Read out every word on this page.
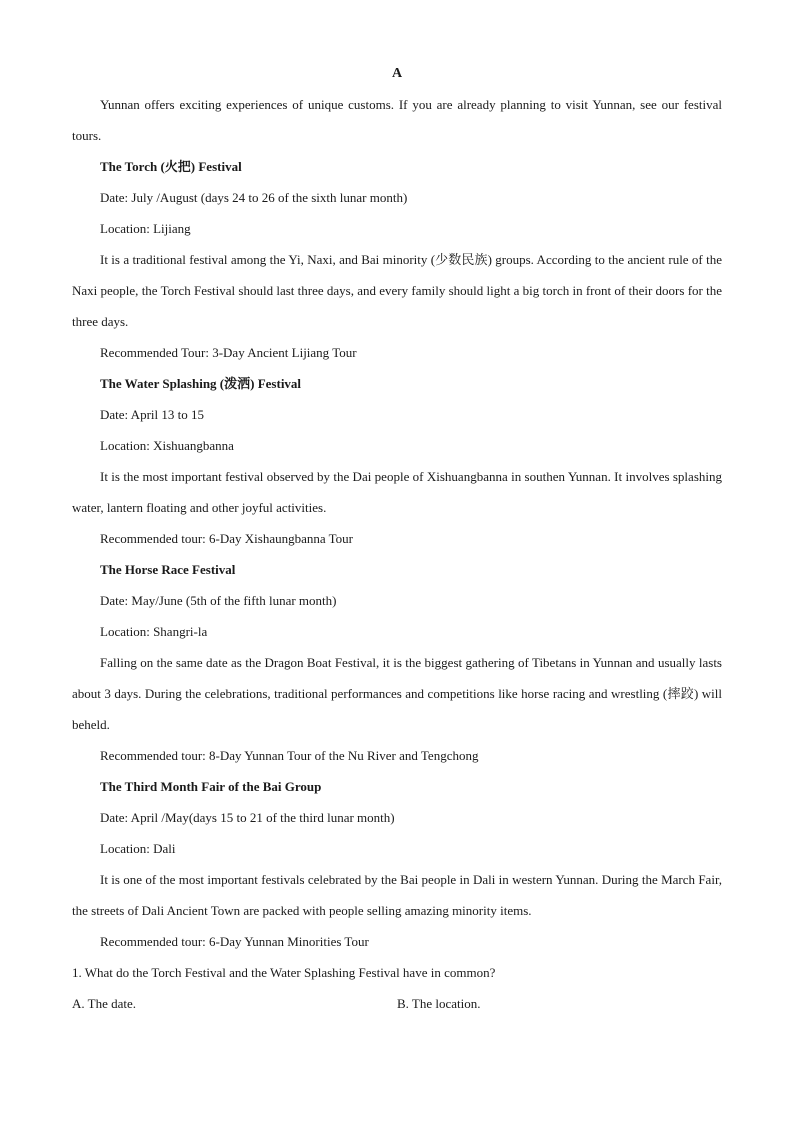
A
Yunnan offers exciting experiences of unique customs. If you are already planning to visit Yunnan, see our festival tours.
The Torch (火把) Festival
Date: July /August (days 24 to 26 of the sixth lunar month)
Location: Lijiang
It is a traditional festival among the Yi, Naxi, and Bai minority (少数民族) groups. According to the ancient rule of the Naxi people, the Torch Festival should last three days, and every family should light a big torch in front of their doors for the three days.
Recommended Tour: 3-Day Ancient Lijiang Tour
The Water Splashing (泼洒) Festival
Date: April 13 to 15
Location: Xishuangbanna
It is the most important festival observed by the Dai people of Xishuangbanna in southen Yunnan. It involves splashing water, lantern floating and other joyful activities.
Recommended tour: 6-Day Xishaungbanna Tour
The Horse Race Festival
Date: May/June (5th of the fifth lunar month)
Location: Shangri-la
Falling on the same date as the Dragon Boat Festival, it is the biggest gathering of Tibetans in Yunnan and usually lasts about 3 days. During the celebrations, traditional performances and competitions like horse racing and wrestling (摔跤) will beheld.
Recommended tour: 8-Day Yunnan Tour of the Nu River and Tengchong
The Third Month Fair of the Bai Group
Date: April /May(days 15 to 21 of the third lunar month)
Location: Dali
It is one of the most important festivals celebrated by the Bai people in Dali in western Yunnan. During the March Fair, the streets of Dali Ancient Town are packed with people selling amazing minority items.
Recommended tour: 6-Day Yunnan Minorities Tour
1. What do the Torch Festival and the Water Splashing Festival have in common?
A. The date.	B. The location.
